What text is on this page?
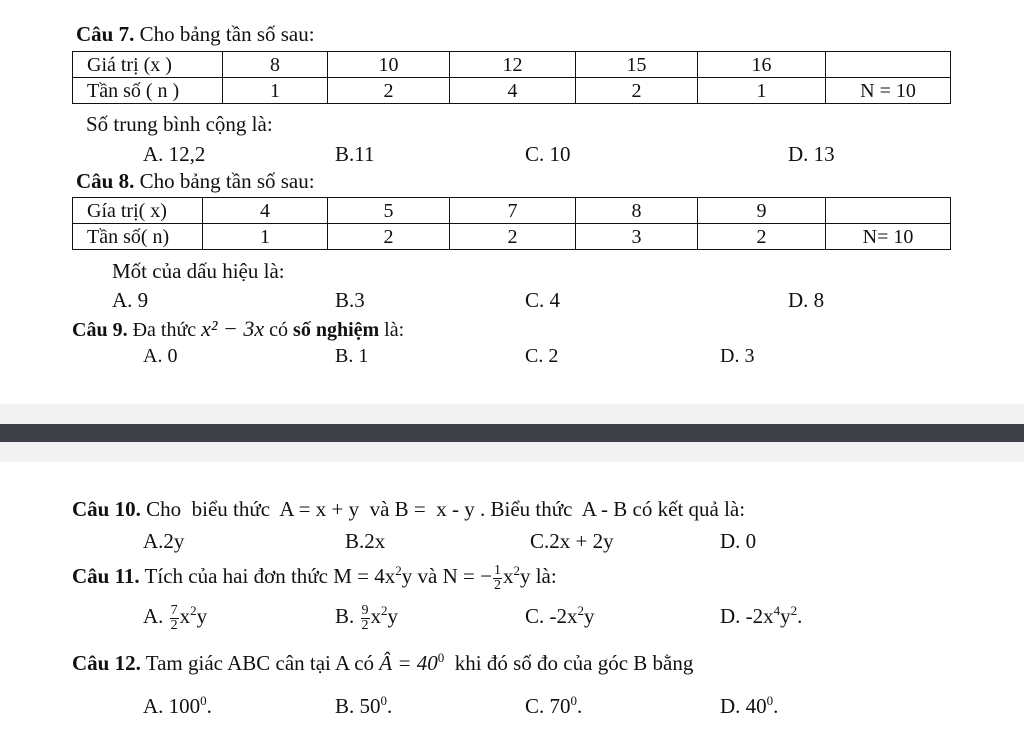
Câu 7. Cho bảng tần số sau:
Giá trị (x )	8	10	12	15	16	
Tần số ( n )	1	2	4	2	1	N = 10
Số trung bình cộng là:
A. 12,2	B.11	C. 10	D. 13
Câu 8. Cho bảng tần số sau:
Gía trị( x)	4	5	7	8	9	
Tần số( n)	1	2	2	3	2	N= 10
Mốt của dấu hiệu là:
A. 9	B.3	C. 4	D. 8
Câu 9. Đa thức x² − 3x có số nghiệm là:
A. 0	B. 1	C. 2	D. 3
Câu 10. Cho  biểu thức  A = x + y  và B =  x - y . Biểu thức  A - B có kết quả là:
A.2y	B.2x	C.2x + 2y	D. 0
Câu 11. Tích của hai đơn thức $M = 4x^2y$ và N = − $\frac{1}{2} x^2y$ là:
A. $\frac{7}{2} x^2y$	B. $\frac{9}{2} x^2y$	C. $-2x^2y$	D. $-2x^4y^2$.
Câu 12. Tam giác ABC cân tại A có Â = $40^0$  khi đó số đo của góc B bằng
A. $100^0$.	B. $50^0$.	C. $70^0$.	D. $40^0$.
